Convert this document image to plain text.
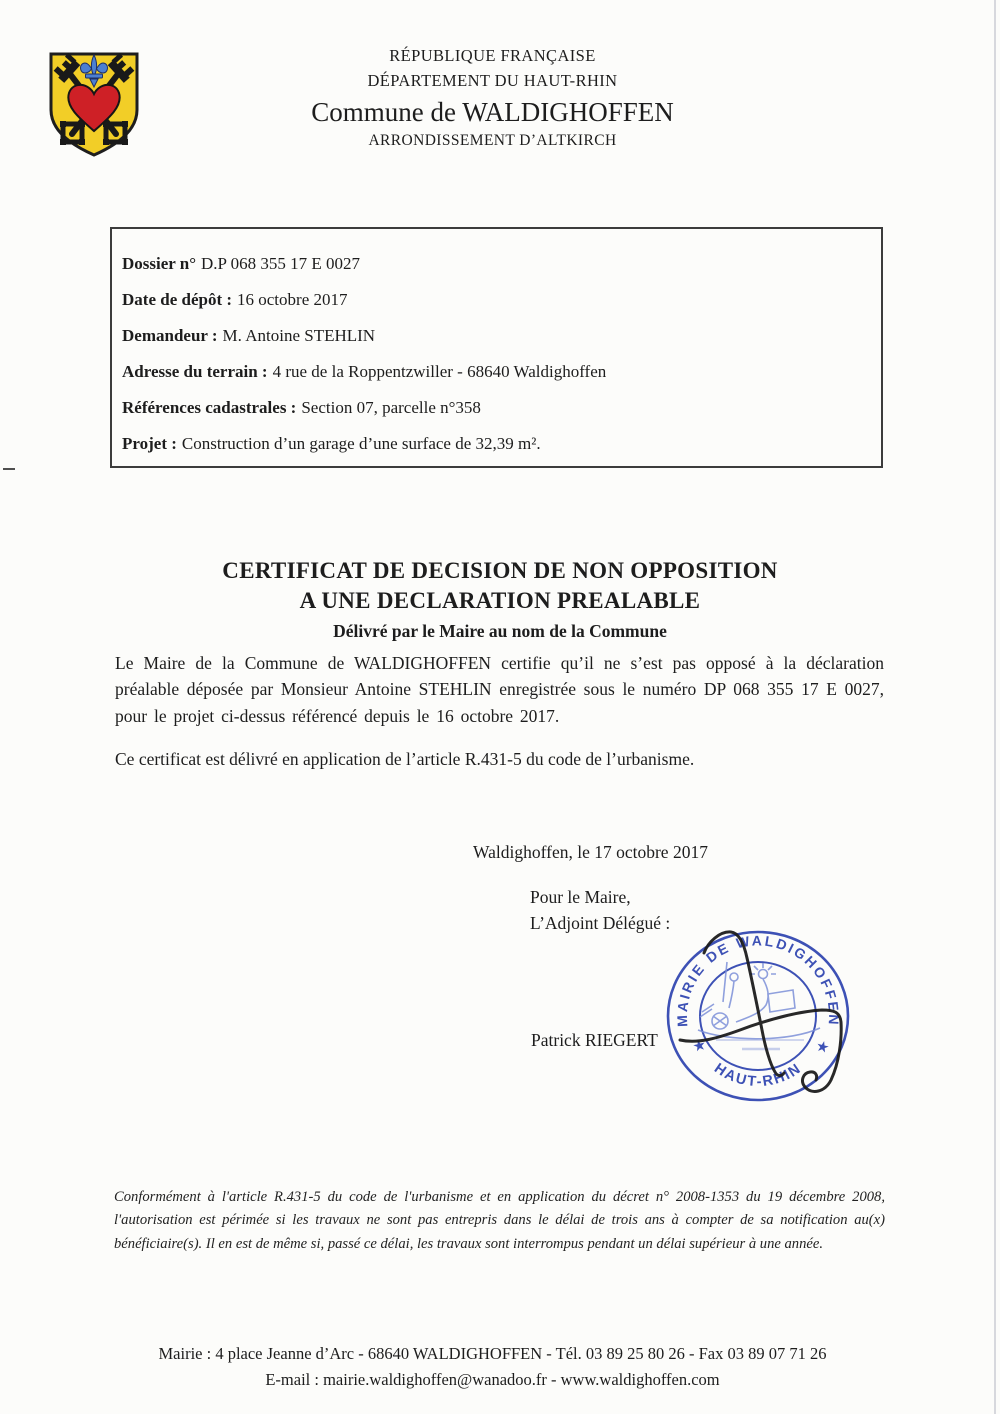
RÉPUBLIQUE FRANÇAISE
DÉPARTEMENT DU HAUT-RHIN
Commune de WALDIGHOFFEN
ARRONDISSEMENT D’ALTKIRCH
Dossier n° D.P 068 355 17 E 0027
Date de dépôt : 16 octobre 2017
Demandeur : M. Antoine STEHLIN
Adresse du terrain : 4 rue de la Roppentzwiller - 68640 Waldighoffen
Références cadastrales : Section 07, parcelle n°358
Projet : Construction d’un garage d’une surface de 32,39 m².
CERTIFICAT DE DECISION DE NON OPPOSITION
A UNE DECLARATION PREALABLE
Délivré par le Maire au nom de la Commune
Le Maire de la Commune de WALDIGHOFFEN certifie qu’il ne s’est pas opposé à la déclaration préalable déposée par Monsieur Antoine STEHLIN enregistrée sous le numéro DP 068 355 17 E 0027, pour le projet ci-dessus référencé depuis le 16 octobre 2017.
Ce certificat est délivré en application de l’article R.431-5 du code de l’urbanisme.
Waldighoffen, le 17 octobre 2017
Pour le Maire,
L’Adjoint Délégué :
Patrick RIEGERT
MAIRIE DE WALDIGHOFFEN
HAUT-RHIN
★	★
Conformément à l'article R.431-5 du code de l'urbanisme et en application du décret n° 2008-1353 du 19 décembre 2008, l'autorisation est périmée si les travaux ne sont pas entrepris dans le délai de trois ans à compter de sa notification au(x) bénéficiaire(s). Il en est de même si, passé ce délai, les travaux sont interrompus pendant un délai supérieur à une année.
Mairie : 4 place Jeanne d’Arc - 68640 WALDIGHOFFEN - Tél. 03 89 25 80 26 - Fax 03 89 07 71 26
E-mail : mairie.waldighoffen@wanadoo.fr - www.waldighoffen.com
